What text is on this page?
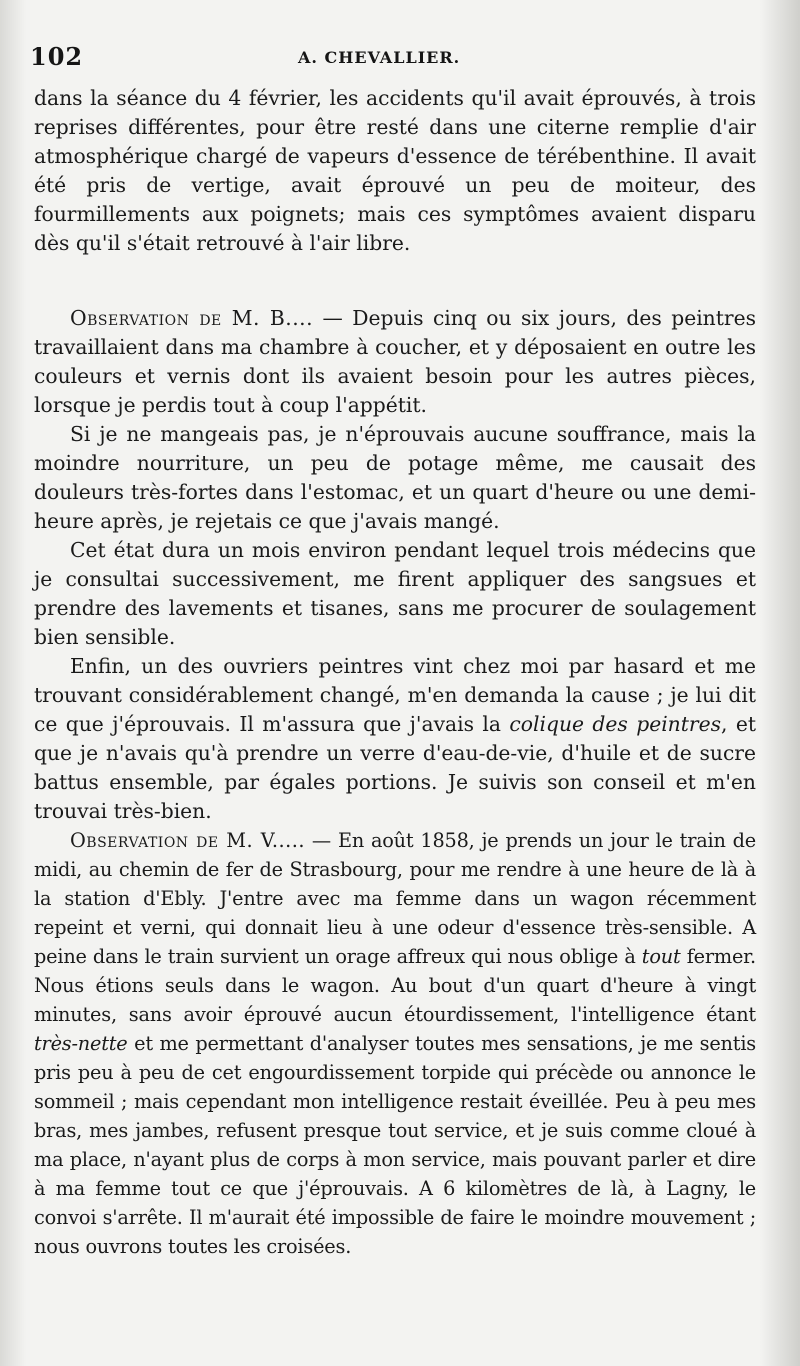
102	A. CHEVALLIER.

dans la séance du 4 février, les accidents qu'il avait éprouvés, à trois reprises différentes, pour être resté dans une citerne remplie d'air atmosphérique chargé de vapeurs d'essence de térébenthine. Il avait été pris de vertige, avait éprouvé un peu de moiteur, des fourmillements aux poignets; mais ces symptômes avaient disparu dès qu'il s'était retrouvé à l'air libre.

Observation de M. B.... — Depuis cinq ou six jours, des peintres travaillaient dans ma chambre à coucher, et y déposaient en outre les couleurs et vernis dont ils avaient besoin pour les autres pièces, lorsque je perdis tout à coup l'appétit.

Si je ne mangeais pas, je n'éprouvais aucune souffrance, mais la moindre nourriture, un peu de potage même, me causait des douleurs très-fortes dans l'estomac, et un quart d'heure ou une demi-heure après, je rejetais ce que j'avais mangé.

Cet état dura un mois environ pendant lequel trois médecins que je consultai successivement, me firent appliquer des sangsues et prendre des lavements et tisanes, sans me procurer de soulagement bien sensible.

Enfin, un des ouvriers peintres vint chez moi par hasard et me trouvant considérablement changé, m'en demanda la cause ; je lui dit ce que j'éprouvais. Il m'assura que j'avais la colique des peintres, et que je n'avais qu'à prendre un verre d'eau-de-vie, d'huile et de sucre battus ensemble, par égales portions. Je suivis son conseil et m'en trouvai très-bien.

Observation de M. V..... — En août 1858, je prends un jour le train de midi, au chemin de fer de Strasbourg, pour me rendre à une heure de là à la station d'Ebly. J'entre avec ma femme dans un wagon récemment repeint et verni, qui donnait lieu à une odeur d'essence très-sensible. A peine dans le train survient un orage affreux qui nous oblige à tout fermer. Nous étions seuls dans le wagon. Au bout d'un quart d'heure à vingt minutes, sans avoir éprouvé aucun étourdissement, l'intelligence étant très-nette et me permettant d'analyser toutes mes sensations, je me sentis pris peu à peu de cet engourdissement torpide qui précède ou annonce le sommeil ; mais cependant mon intelligence restait éveillée. Peu à peu mes bras, mes jambes, refusent presque tout service, et je suis comme cloué à ma place, n'ayant plus de corps à mon service, mais pouvant parler et dire à ma femme tout ce que j'éprouvais. A 6 kilomètres de là, à Lagny, le convoi s'arrête. Il m'aurait été impossible de faire le moindre mouvement ; nous ouvrons toutes les croisées.
